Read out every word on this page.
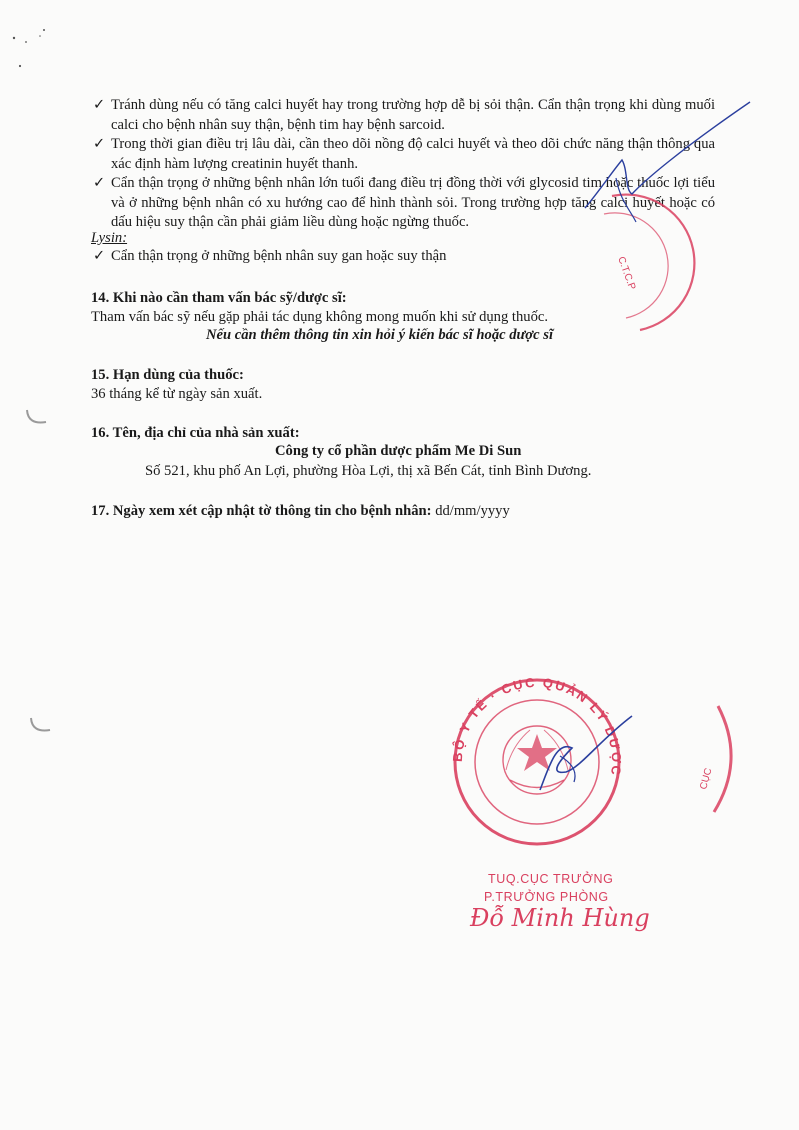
✓ Tránh dùng nếu có tăng calci huyết hay trong trường hợp dễ bị sỏi thận. Cẩn thận trọng khi dùng muối calci cho bệnh nhân suy thận, bệnh tim hay bệnh sarcoid.
✓ Trong thời gian điều trị lâu dài, cần theo dõi nồng độ calci huyết và theo dõi chức năng thận thông qua xác định hàm lượng creatinin huyết thanh.
✓ Cẩn thận trọng ở những bệnh nhân lớn tuổi đang điều trị đồng thời với glycosid tim hoặc thuốc lợi tiểu và ở những bệnh nhân có xu hướng cao để hình thành sỏi. Trong trường hợp tăng calci huyết hoặc có dấu hiệu suy thận cần phải giảm liều dùng hoặc ngừng thuốc.
Lysin:
✓ Cẩn thận trọng ở những bệnh nhân suy gan hoặc suy thận
14. Khi nào cần tham vấn bác sỹ/dược sĩ:
Tham vấn bác sỹ nếu gặp phải tác dụng không mong muốn khi sử dụng thuốc.
Nếu cần thêm thông tin xin hỏi ý kiến bác sĩ hoặc dược sĩ
15. Hạn dùng của thuốc:
36 tháng kể từ ngày sản xuất.
16. Tên, địa chỉ của nhà sản xuất:
Công ty cổ phần dược phẩm Me Di Sun
Số 521, khu phố An Lợi, phường Hòa Lợi, thị xã Bến Cát, tỉnh Bình Dương.
17. Ngày xem xét cập nhật tờ thông tin cho bệnh nhân: dd/mm/yyyy
C.T.C.P
BỘ Y TẾ · CỤC QUẢN LÝ DƯỢC	CỤC
TUQ.CỤC TRƯỞNG
P.TRƯỞNG PHÒNG
Đỗ Minh Hùng
